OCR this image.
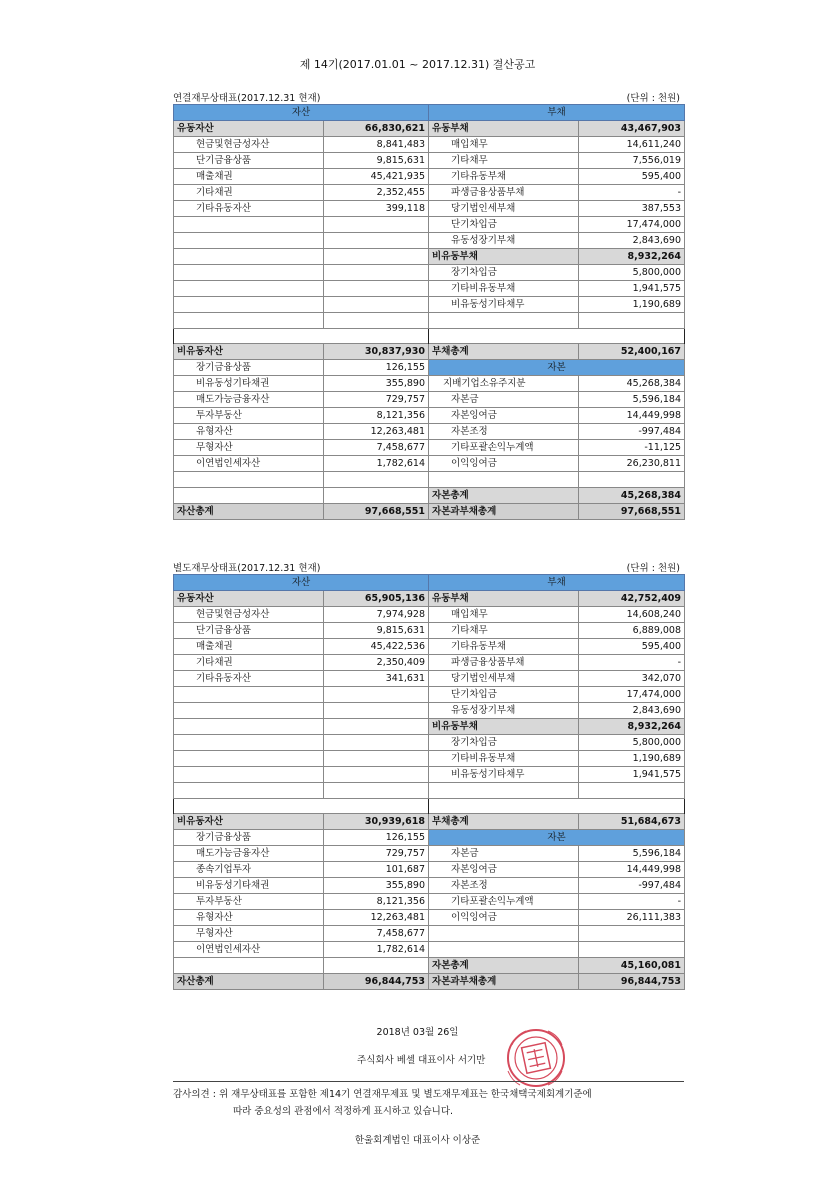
제 14기(2017.01.01 ~ 2017.12.31) 결산공고
연결재무상태표(2017.12.31 현재)	(단위 : 천원)
자산		부채	
유동자산	66,830,621	유동부채	43,467,903
현금및현금성자산	8,841,483	매입채무	14,611,240
단기금융상품	9,815,631	기타채무	7,556,019
매출채권	45,421,935	기타유동부채	595,400
기타채권	2,352,455	파생금융상품부채	-
기타유동자산	399,118	당기법인세부채	387,553
		단기차입금	17,474,000
		유동성장기부채	2,843,690
		비유동부채	8,932,264
		장기차입금	5,800,000
		기타비유동부채	1,941,575
		비유동성기타채무	1,190,689

비유동자산	30,837,930	부채총계	52,400,167
장기금융상품	126,155	자본	
비유동성기타채권	355,890	지배기업소유주지분	45,268,384
매도가능금융자산	729,757	자본금	5,596,184
투자부동산	8,121,356	자본잉여금	14,449,998
유형자산	12,263,481	자본조정	-997,484
무형자산	7,458,677	기타포괄손익누계액	-11,125
이연법인세자산	1,782,614	이익잉여금	26,230,811

		자본총계	45,268,384
자산총계	97,668,551	자본과부채총계	97,668,551
별도재무상태표(2017.12.31 현재)	(단위 : 천원)
자산		부채	
유동자산	65,905,136	유동부채	42,752,409
현금및현금성자산	7,974,928	매입채무	14,608,240
단기금융상품	9,815,631	기타채무	6,889,008
매출채권	45,422,536	기타유동부채	595,400
기타채권	2,350,409	파생금융상품부채	-
기타유동자산	341,631	당기법인세부채	342,070
		단기차입금	17,474,000
		유동성장기부채	2,843,690
		비유동부채	8,932,264
		장기차입금	5,800,000
		기타비유동부채	1,190,689
		비유동성기타채무	1,941,575

비유동자산	30,939,618	부채총계	51,684,673
장기금융상품	126,155	자본	
매도가능금융자산	729,757	자본금	5,596,184
종속기업투자	101,687	자본잉여금	14,449,998
비유동성기타채권	355,890	자본조정	-997,484
투자부동산	8,121,356	기타포괄손익누계액	-
유형자산	12,263,481	이익잉여금	26,111,383
무형자산	7,458,677		
이연법인세자산	1,782,614		
		자본총계	45,160,081
자산총계	96,844,753	자본과부채총계	96,844,753
2018년 03월 26일
주식회사 베셀 대표이사 서기만
감사의견 : 위 재무상태표를 포함한 제14기 연결재무제표 및 별도재무제표는 한국채택국제회계기준에
따라 중요성의 관점에서 적정하게 표시하고 있습니다.
한울회계법인 대표이사 이상준
